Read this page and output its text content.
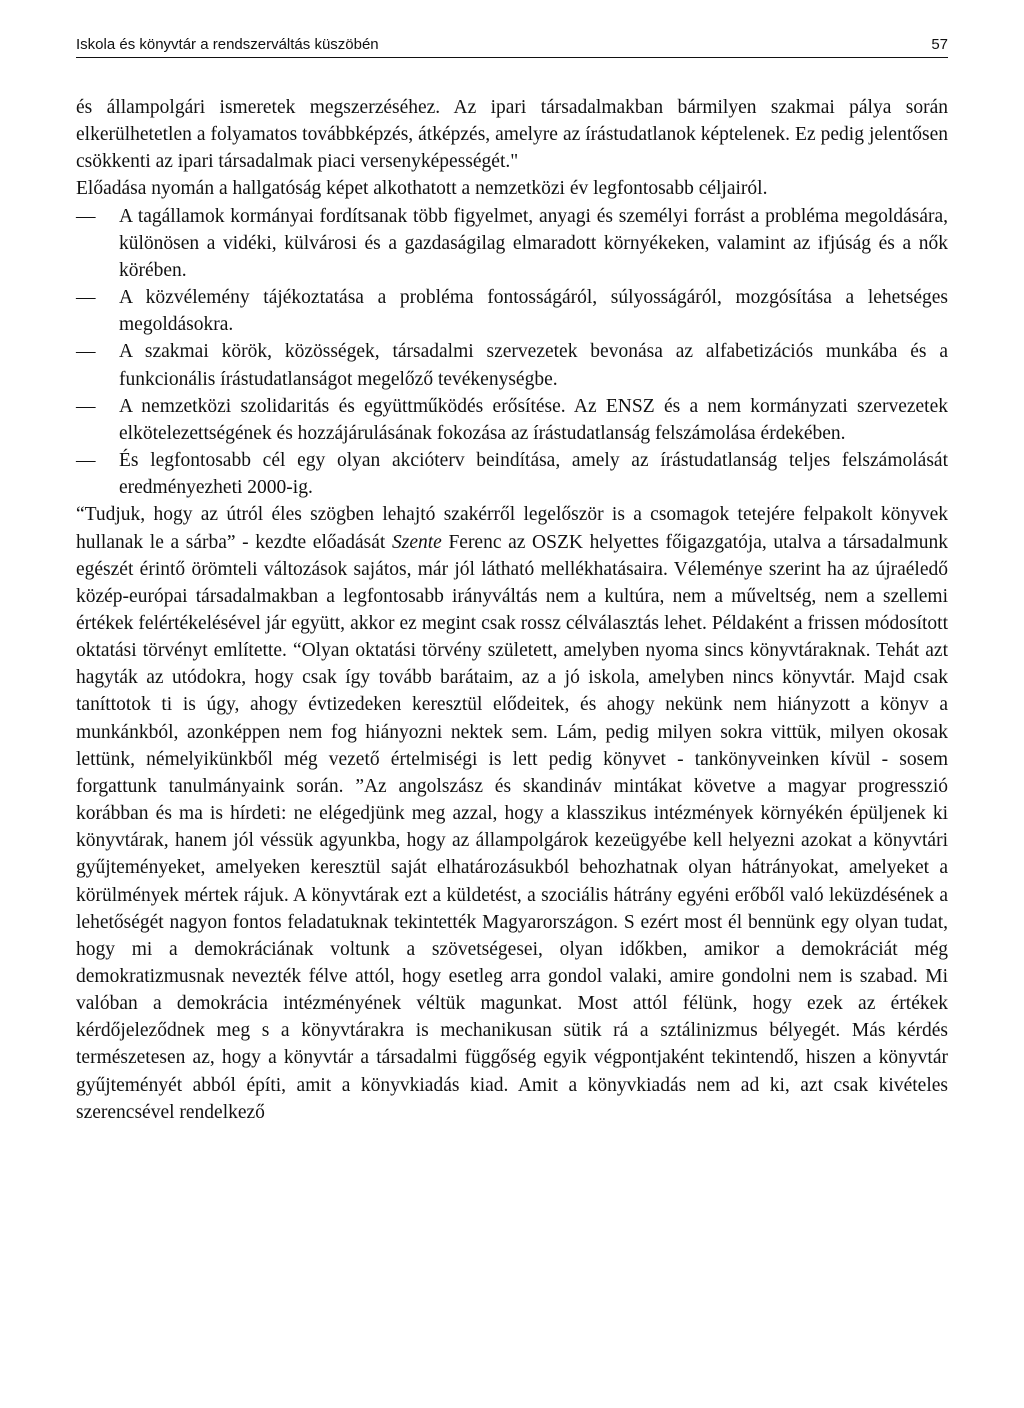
Iskola és könyvtár a rendszerváltás küszöbén	57

és állampolgári ismeretek megszerzéséhez. Az ipari társadalmakban bármilyen szakmai pálya során elkerülhetetlen a folyamatos továbbképzés, átképzés, amelyre az írástudatlanok képtelenek. Ez pedig jelentősen csökkenti az ipari társadalmak piaci versenyképességét."

Előadása nyomán a hallgatóság képet alkothatott a nemzetközi év legfontosabb céljairól.

—	A tagállamok kormányai fordítsanak több figyelmet, anyagi és személyi forrást a probléma megoldására, különösen a vidéki, külvárosi és a gazdaságilag elmaradott környékeken, valamint az ifjúság és a nők körében.
—	A közvélemény tájékoztatása a probléma fontosságáról, súlyosságáról, mozgósítása a lehetséges megoldásokra.
—	A szakmai körök, közösségek, társadalmi szervezetek bevonása az alfabetizációs munkába és a funkcionális írástudatlanságot megelőző tevékenységbe.
—	A nemzetközi szolidaritás és együttműködés erősítése. Az ENSZ és a nem kormányzati szervezetek elkötelezettségének és hozzájárulásának fokozása az írástudatlanság felszámolása érdekében.
—	És legfontosabb cél egy olyan akcióterv beindítása, amely az írástudatlanság teljes felszámolását eredményezheti 2000-ig.

“Tudjuk, hogy az útról éles szögben lehajtó szakérről legelőször is a csomagok tetejére felpakolt könyvek hullanak le a sárba” - kezdte előadását Szente Ferenc az OSZK helyettes főigazgatója, utalva a társadalmunk egészét érintő örömteli változások sajátos, már jól látható mellékhatásaira. Véleménye szerint ha az újraéledő közép-európai társadalmakban a legfontosabb irányváltás nem a kultúra, nem a műveltség, nem a szellemi értékek felértékelésével jár együtt, akkor ez megint csak rossz célválasztás lehet. Példaként a frissen módosított oktatási törvényt említette. “Olyan oktatási törvény született, amelyben nyoma sincs könyvtáraknak. Tehát azt hagyták az utódokra, hogy csak így tovább barátaim, az a jó iskola, amelyben nincs könyvtár. Majd csak taníttotok ti is úgy, ahogy évtizedeken keresztül elődeitek, és ahogy nekünk nem hiányzott a könyv a munkánkból, azonképpen nem fog hiányozni nektek sem. Lám, pedig milyen sokra vittük, milyen okosak lettünk, némelyikünkből még vezető értelmiségi is lett pedig könyvet - tankönyveinken kívül - sosem forgattunk tanulmányaink során. ”Az angolszász és skandináv mintákat követve a magyar progresszió korábban és ma is hírdeti: ne elégedjünk meg azzal, hogy a klasszikus intézmények környékén épüljenek ki könyvtárak, hanem jól véssük agyunkba, hogy az állampolgárok kezeügyébe kell helyezni azokat a könyvtári gyűjteményeket, amelyeken keresztül saját elhatározásukból behozhatnak olyan hátrányokat, amelyeket a körülmények mértek rájuk. A könyvtárak ezt a küldetést, a szociális hátrány egyéni erőből való leküzdésének a lehetőségét nagyon fontos feladatuknak tekintették Magyarországon. S ezért most él bennünk egy olyan tudat, hogy mi a demokráciának voltunk a szövetségesei, olyan időkben, amikor a demokráciát még demokratizmusnak nevezték félve attól, hogy esetleg arra gondol valaki, amire gondolni nem is szabad. Mi valóban a demokrácia intézményének véltük magunkat. Most attól félünk, hogy ezek az értékek kérdőjeleződnek meg s a könyvtárakra is mechanikusan sütik rá a sztálinizmus bélyegét. Más kérdés természetesen az, hogy a könyvtár a társadalmi függőség egyik végpontjaként tekintendő, hiszen a könyvtár gyűjteményét abból építi, amit a könyvkiadás kiad. Amit a könyvkiadás nem ad ki, azt csak kivételes szerencsével rendelkező
